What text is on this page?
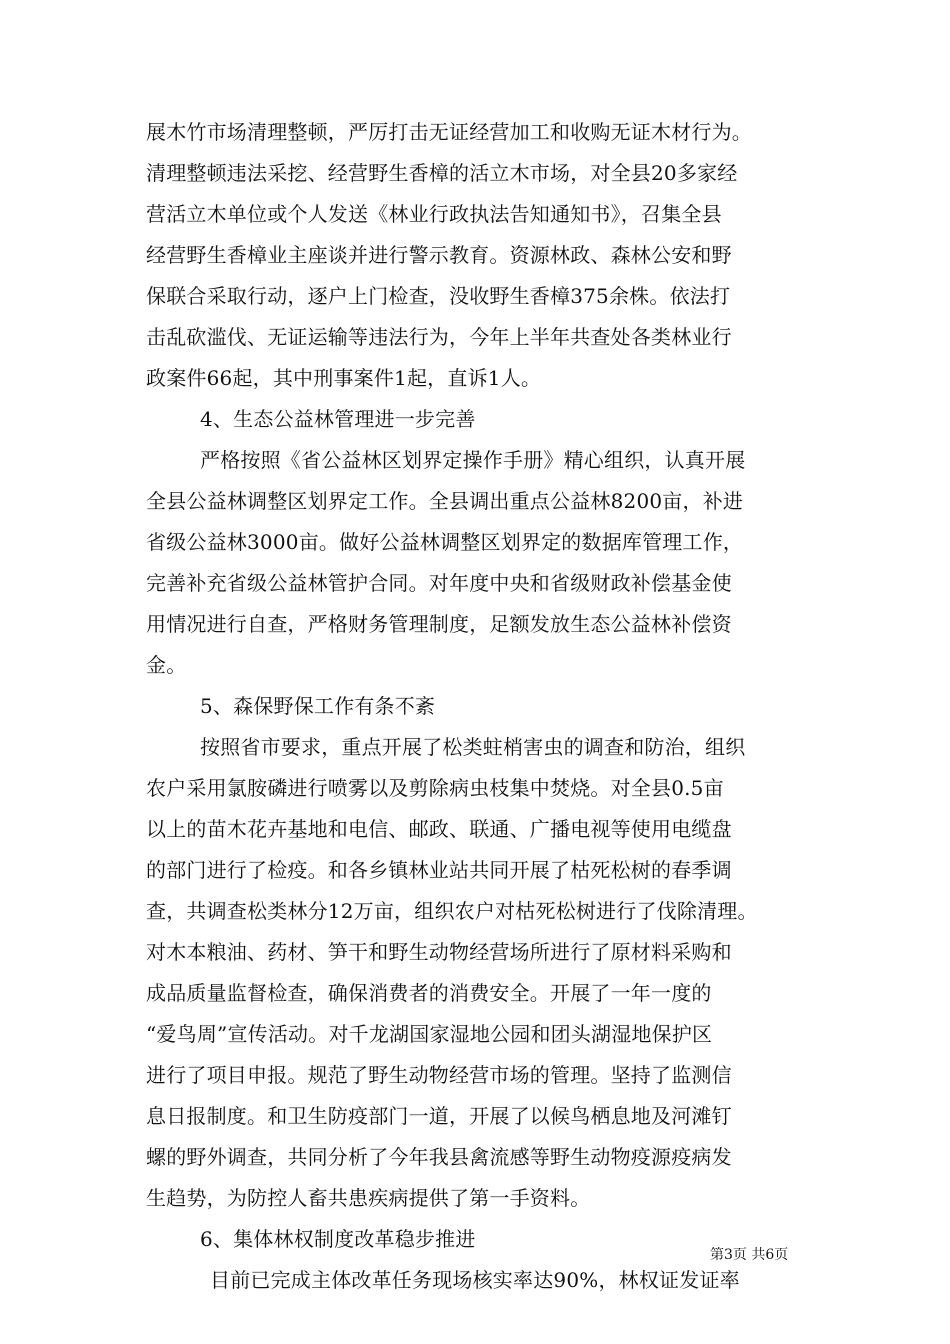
展木竹市场清理整顿，严厉打击无证经营加工和收购无证木材行为。
清理整顿违法采挖、经营野生香樟的活立木市场，对全县20多家经
营活立木单位或个人发送《林业行政执法告知通知书》，召集全县
经营野生香樟业主座谈并进行警示教育。资源林政、森林公安和野
保联合采取行动，逐户上门检查，没收野生香樟375余株。依法打
击乱砍滥伐、无证运输等违法行为，今年上半年共查处各类林业行
政案件66起，其中刑事案件1起，直诉1人。
4、生态公益林管理进一步完善
严格按照《省公益林区划界定操作手册》精心组织，认真开展
全县公益林调整区划界定工作。全县调出重点公益林8200亩，补进
省级公益林3000亩。做好公益林调整区划界定的数据库管理工作，
完善补充省级公益林管护合同。对年度中央和省级财政补偿基金使
用情况进行自查，严格财务管理制度，足额发放生态公益林补偿资
金。
5、森保野保工作有条不紊
按照省市要求，重点开展了松类蛀梢害虫的调查和防治，组织
农户采用氯胺磷进行喷雾以及剪除病虫枝集中焚烧。对全县0.5亩
以上的苗木花卉基地和电信、邮政、联通、广播电视等使用电缆盘
的部门进行了检疫。和各乡镇林业站共同开展了枯死松树的春季调
查，共调查松类林分12万亩，组织农户对枯死松树进行了伐除清理。
对木本粮油、药材、笋干和野生动物经营场所进行了原材料采购和
成品质量监督检查，确保消费者的消费安全。开展了一年一度的
“爱鸟周”宣传活动。对千龙湖国家湿地公园和团头湖湿地保护区
进行了项目申报。规范了野生动物经营市场的管理。坚持了监测信
息日报制度。和卫生防疫部门一道，开展了以候鸟栖息地及河滩钉
螺的野外调查，共同分析了今年我县禽流感等野生动物疫源疫病发
生趋势，为防控人畜共患疾病提供了第一手资料。
6、集体林权制度改革稳步推进
目前已完成主体改革任务现场核实率达90%，林权证发证率
第3页 共6页
